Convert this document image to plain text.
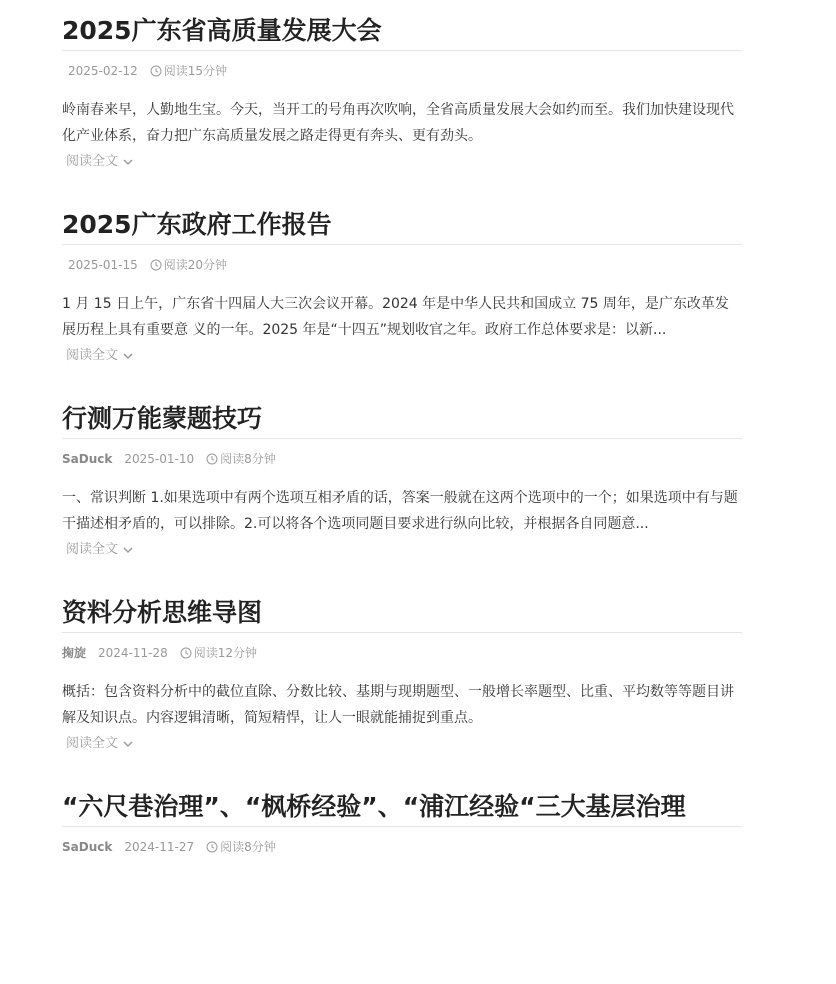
2025广东省高质量发展大会
2025-02-12 阅读15分钟
岭南春来早，人勤地生宝。今天，当开工的号角再次吹响，全省高质量发展大会如约而至。我们加快建设现代化产业体系，奋力把广东高质量发展之路走得更有奔头、更有劲头。
阅读全文
2025广东政府工作报告
2025-01-15 阅读20分钟
1 月 15 日上午，广东省十四届人大三次会议开幕。2024 年是中华人民共和国成立 75 周年，是广东改革发展历程上具有重要意 义的一年。2025 年是“十四五”规划收官之年。政府工作总体要求是：以新...
阅读全文
行测万能蒙题技巧
SaDuck 2025-01-10 阅读8分钟
一、常识判断 1.如果选项中有两个选项互相矛盾的话，答案一般就在这两个选项中的一个；如果选项中有与题干描述相矛盾的，可以排除。2.可以将各个选项同题目要求进行纵向比较，并根据各自同题意...
阅读全文
资料分析思维导图
掬旋 2024-11-28 阅读12分钟
概括：包含资料分析中的截位直除、分数比较、基期与现期题型、一般增长率题型、比重、平均数等等题目讲解及知识点。内容逻辑清晰，简短精悍，让人一眼就能捕捉到重点。
阅读全文
“六尺巷治理”、“枫桥经验”、“浦江经验“三大基层治理
SaDuck 2024-11-27 阅读8分钟
